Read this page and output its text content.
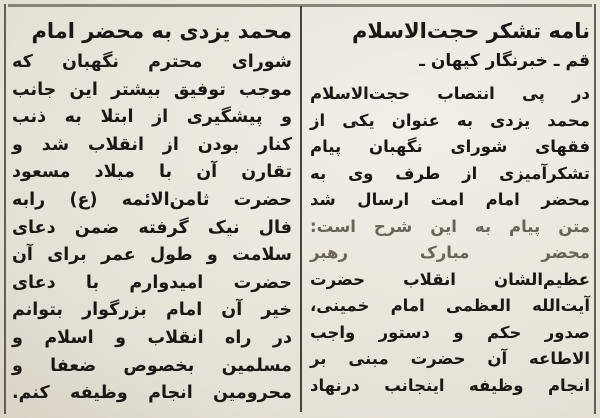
نامه تشکر حجت‌الاسلام
قم ـ خبرنگار کیهان ـ
در پی انتصاب حجت‌الاسلام
محمد یزدی به عنوان یکی از
فقهای شورای نگهبان پیام
تشکرآمیزی از طرف وی به
محضر امام امت ارسال شد
متن پیام به این شرح است:
محضر مبارک رهبر
عظیم‌الشان انقلاب حضرت
آیت‌الله العظمی امام خمینی،
صدور حکم و دستور واجب
الاطاعه آن حضرت مبنی بر
انجام وظیفه اینجانب درنهاد
محمد یزدی به محضر امام
شورای محترم نگهبان که
موجب توفیق بیشتر این جانب
و پیشگیری از ابتلا به ذنب
کنار بودن از انقلاب شد و
تقارن آن با میلاد مسعود
حضرت ثامن‌الائمه (ع) رابه
فال نیک گرفته ضمن دعای
سلامت و طول عمر برای آن
حضرت امیدوارم با دعای
خیر آن امام بزرگوار بتوانم
در راه انقلاب و اسلام و
مسلمین بخصوص ضعفا و
محرومین انجام وظیفه کنم.
